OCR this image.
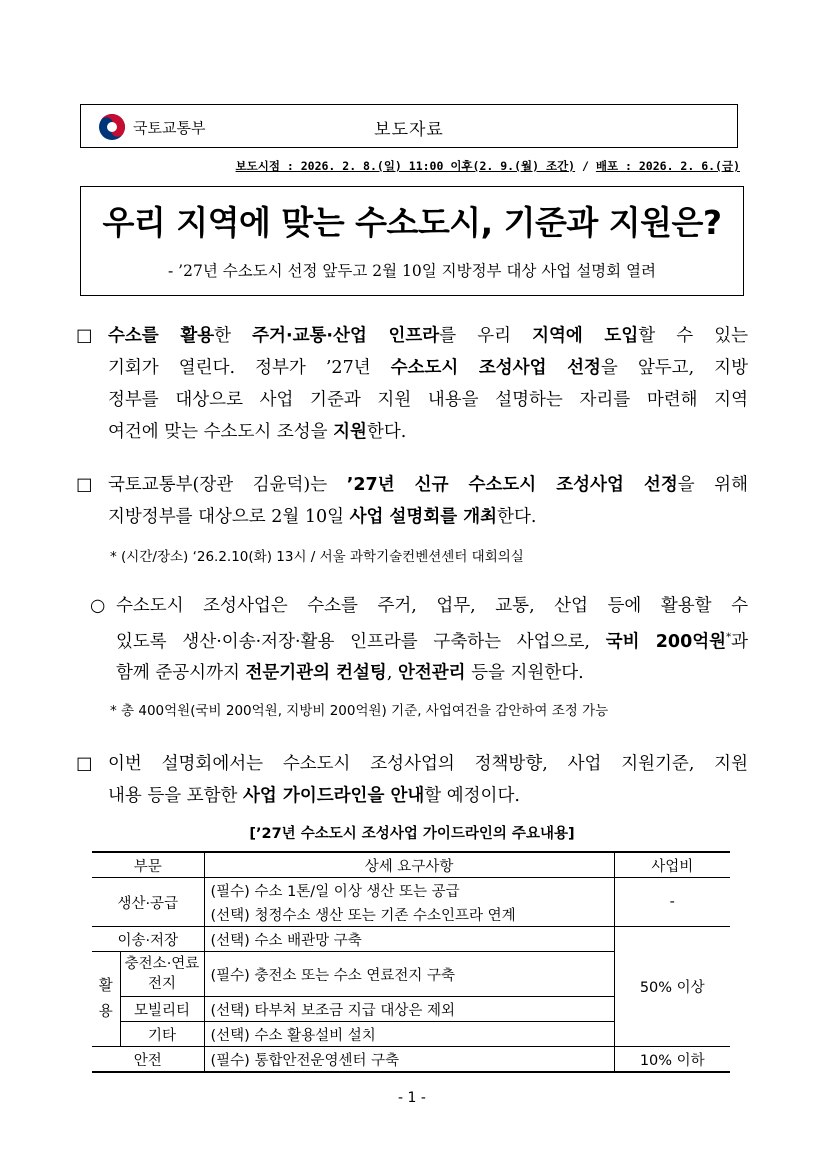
국토교통부	보도자료
보도시점 : 2026. 2. 8.(일) 11:00 이후(2. 9.(월) 조간) / 배포 : 2026. 2. 6.(금)
우리 지역에 맞는 수소도시, 기준과 지원은?
- ’27년 수소도시 선정 앞두고 2월 10일 지방정부 대상 사업 설명회 열려
□ 수소를 활용한 주거·교통·산업 인프라를 우리 지역에 도입할 수 있는
기회가 열린다. 정부가 ’27년 수소도시 조성사업 선정을 앞두고, 지방
정부를 대상으로 사업 기준과 지원 내용을 설명하는 자리를 마련해 지역
여건에 맞는 수소도시 조성을 지원한다.
□ 국토교통부(장관 김윤덕)는 ’27년 신규 수소도시 조성사업 선정을 위해
지방정부를 대상으로 2월 10일 사업 설명회를 개최한다.
* (시간/장소) ‘26.2.10(화) 13시 / 서울 과학기술컨벤션센터 대회의실
○ 수소도시 조성사업은 수소를 주거, 업무, 교통, 산업 등에 활용할 수
있도록 생산·이송·저장·활용 인프라를 구축하는 사업으로, 국비 200억원*과
함께 준공시까지 전문기관의 컨설팅, 안전관리 등을 지원한다.
* 총 400억원(국비 200억원, 지방비 200억원) 기준, 사업여건을 감안하여 조정 가능
□ 이번 설명회에서는 수소도시 조성사업의 정책방향, 사업 지원기준, 지원
내용 등을 포함한 사업 가이드라인을 안내할 예정이다.
[’27년 수소도시 조성사업 가이드라인의 주요내용]
부문		상세 요구사항	사업비
생산·공급		(필수) 수소 1톤/일 이상 생산 또는 공급	-
		(선택) 청정수소 생산 또는 기존 수소인프라 연계	
이송·저장		(선택) 수소 배관망 구축	50% 이상
활용	충전소·연료전지	(필수) 충전소 또는 수소 연료전지 구축	
	모빌리티	(선택) 타부처 보조금 지급 대상은 제외	
	기타	(선택) 수소 활용설비 설치	
안전		(필수) 통합안전운영센터 구축	10% 이하
- 1 -
